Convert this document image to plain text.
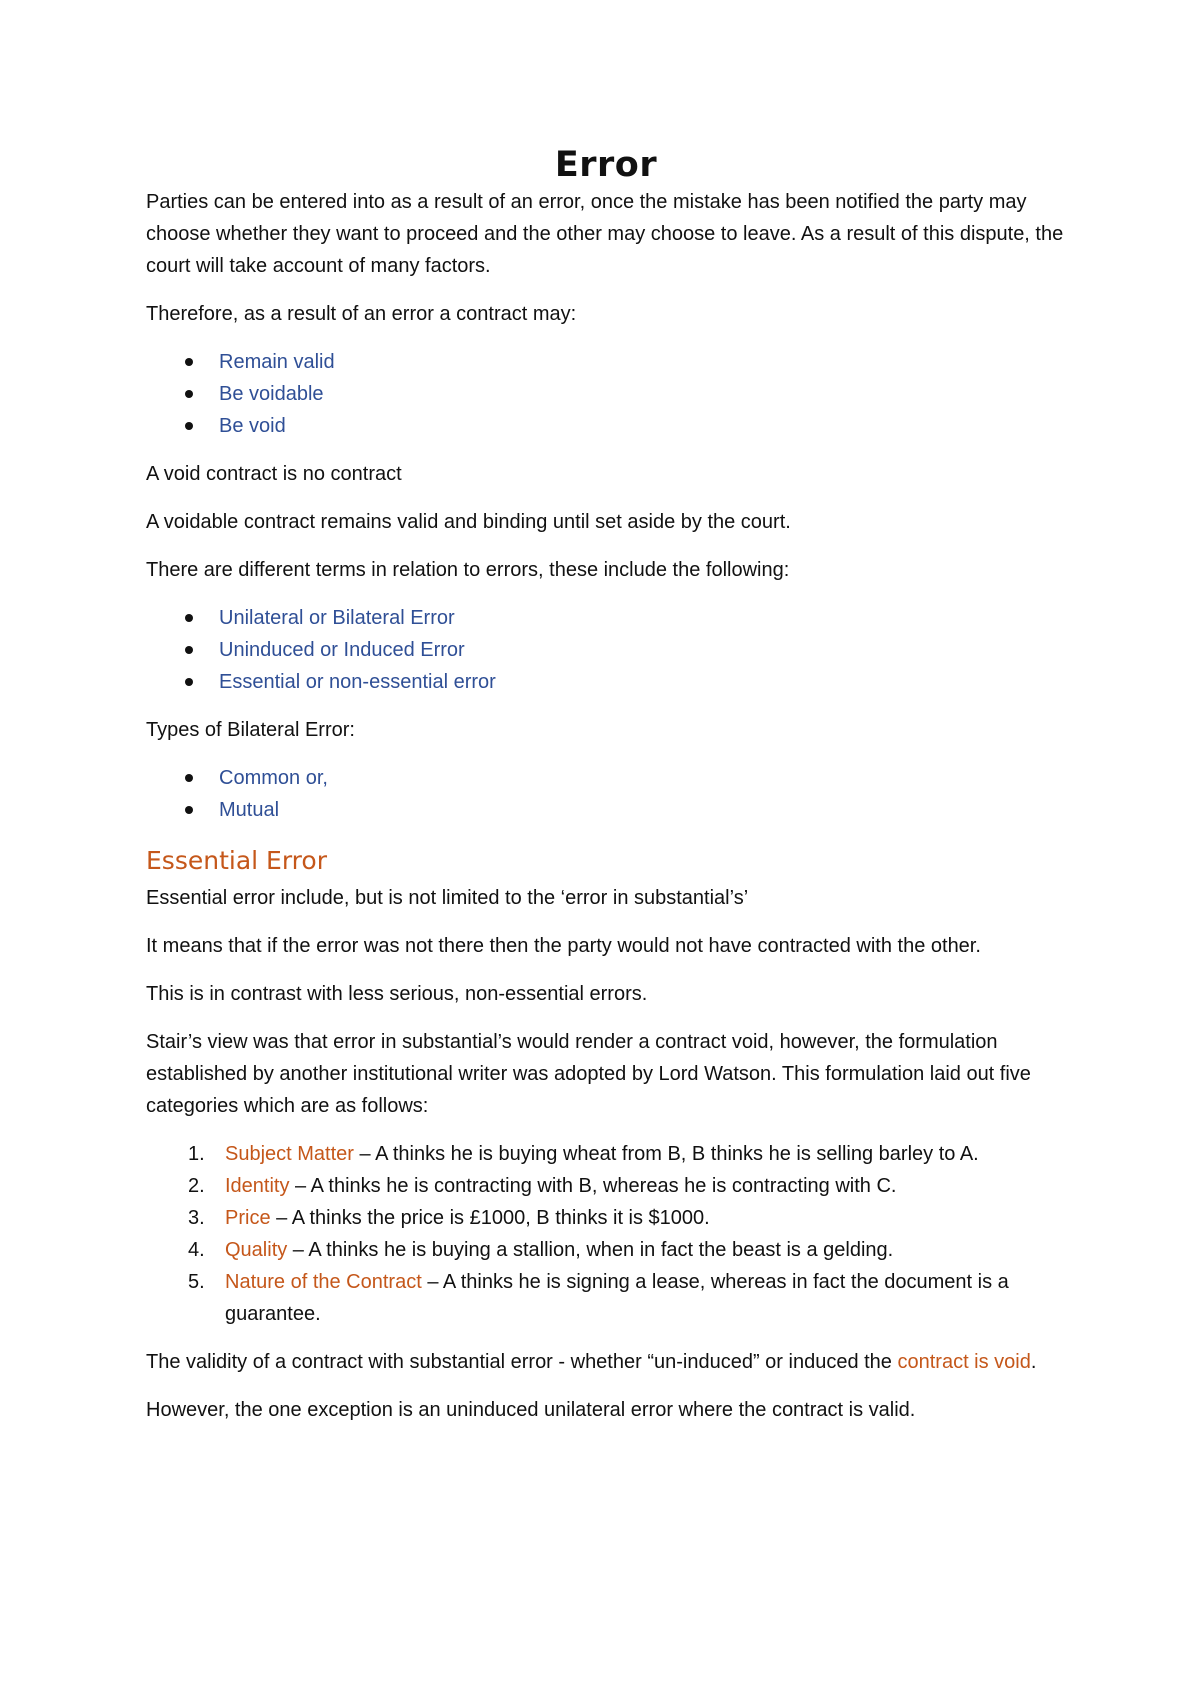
Error

Parties can be entered into as a result of an error, once the mistake has been notified the party may choose whether they want to proceed and the other may choose to leave. As a result of this dispute, the court will take account of many factors.

Therefore, as a result of an error a contract may:

Remain valid
Be voidable
Be void

A void contract is no contract

A voidable contract remains valid and binding until set aside by the court.

There are different terms in relation to errors, these include the following:

Unilateral or Bilateral Error
Uninduced or Induced Error
Essential or non-essential error

Types of Bilateral Error:

Common or,
Mutual
Essential Error

Essential error include, but is not limited to the ‘error in substantial’s’

It means that if the error was not there then the party would not have contracted with the other.

This is in contrast with less serious, non-essential errors.

Stair’s view was that error in substantial’s would render a contract void, however, the formulation established by another institutional writer was adopted by Lord Watson. This formulation laid out five categories which are as follows:

1. Subject Matter – A thinks he is buying wheat from B, B thinks he is selling barley to A.
2. Identity – A thinks he is contracting with B, whereas he is contracting with C.
3. Price – A thinks the price is £1000, B thinks it is $1000.
4. Quality – A thinks he is buying a stallion, when in fact the beast is a gelding.
5. Nature of the Contract – A thinks he is signing a lease, whereas in fact the document is a guarantee.

The validity of a contract with substantial error - whether “un-induced” or induced the contract is void.

However, the one exception is an uninduced unilateral error where the contract is valid.
